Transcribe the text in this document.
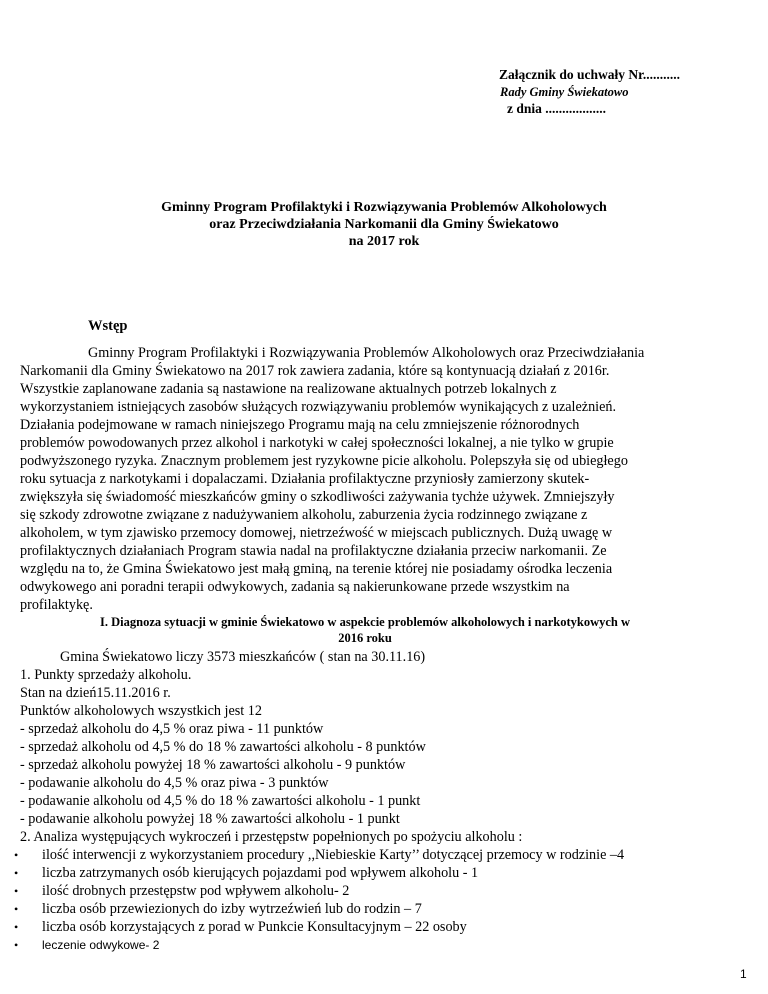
Załącznik do uchwały Nr...........

Rady Gminy Świekatowo

z dnia ..................

Gminny Program Profilaktyki i Rozwiązywania Problemów Alkoholowych

oraz Przeciwdziałania Narkomanii dla Gminy Świekatowo

na 2017 rok

Wstęp

Gminny Program Profilaktyki i Rozwiązywania Problemów Alkoholowych oraz Przeciwdziałania
Narkomanii dla Gminy Świekatowo na 2017 rok zawiera zadania, które są kontynuacją działań z 2016r.
Wszystkie zaplanowane zadania są nastawione na realizowane aktualnych potrzeb lokalnych z
wykorzystaniem istniejących zasobów służących rozwiązywaniu problemów wynikających z uzależnień.
Działania podejmowane w ramach niniejszego Programu mają na celu zmniejszenie różnorodnych
problemów powodowanych przez alkohol i narkotyki w całej społeczności lokalnej, a nie tylko w grupie
podwyższonego ryzyka. Znacznym problemem jest ryzykowne picie alkoholu. Polepszyła się od ubiegłego
roku sytuacja z narkotykami i dopalaczami. Działania profilaktyczne przyniosły zamierzony skutek-
zwiększyła się świadomość mieszkańców gminy o szkodliwości zażywania tychże używek. Zmniejszyły
się szkody zdrowotne związane z nadużywaniem alkoholu, zaburzenia życia rodzinnego związane z
alkoholem, w tym zjawisko przemocy domowej, nietrzeźwość w miejscach publicznych. Dużą uwagę w
profilaktycznych działaniach Program stawia nadal na profilaktyczne działania przeciw narkomanii. Ze
względu na to, że Gmina Świekatowo jest małą gminą, na terenie której nie posiadamy ośrodka leczenia
odwykowego ani poradni terapii odwykowych, zadania są nakierunkowane przede wszystkim na
profilaktykę.
I. Diagnoza sytuacji w gminie Świekatowo w aspekcie problemów alkoholowych i narkotykowych w
2016 roku
Gmina Świekatowo liczy 3573 mieszkańców ( stan na 30.11.16)
1. Punkty sprzedaży alkoholu.
Stan na dzień15.11.2016 r.
Punktów alkoholowych wszystkich jest 12
- sprzedaż alkoholu do 4,5 % oraz piwa - 11 punktów
- sprzedaż alkoholu od 4,5 % do 18 % zawartości alkoholu - 8 punktów
- sprzedaż alkoholu powyżej 18 % zawartości alkoholu - 9 punktów
- podawanie alkoholu do 4,5 % oraz piwa - 3 punktów
- podawanie alkoholu od 4,5 % do 18 % zawartości alkoholu - 1 punkt
- podawanie alkoholu powyżej 18 % zawartości alkoholu - 1 punkt
2. Analiza występujących wykroczeń i przestępstw popełnionych po spożyciu alkoholu :
• ilość interwencji z wykorzystaniem procedury ,,Niebieskie Karty’’ dotyczącej przemocy w rodzinie –4
• liczba zatrzymanych osób kierujących pojazdami pod wpływem alkoholu - 1
• ilość drobnych przestępstw pod wpływem alkoholu- 2
• liczba osób przewiezionych do izby wytrzeźwień lub do rodzin – 7
• liczba osób korzystających z porad w Punkcie Konsultacyjnym – 22 osoby
• leczenie odwykowe- 2

1
